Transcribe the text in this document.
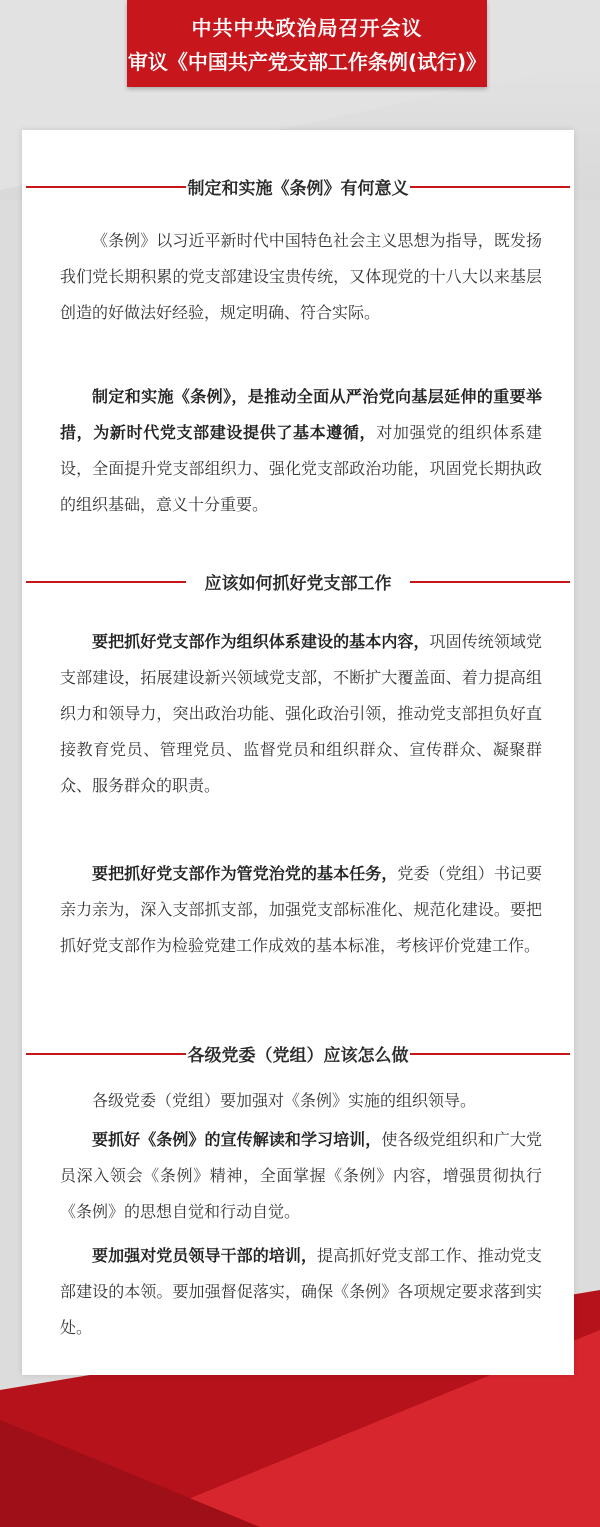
中共中央政治局召开会议
审议《中国共产党支部工作条例(试行)》
制定和实施《条例》有何意义

《条例》以习近平新时代中国特色社会主义思想为指导，既发扬我们党长期积累的党支部建设宝贵传统，又体现党的十八大以来基层创造的好做法好经验，规定明确、符合实际。

制定和实施《条例》，是推动全面从严治党向基层延伸的重要举措，为新时代党支部建设提供了基本遵循，对加强党的组织体系建设，全面提升党支部组织力、强化党支部政治功能，巩固党长期执政的组织基础，意义十分重要。

应该如何抓好党支部工作

要把抓好党支部作为组织体系建设的基本内容，巩固传统领域党支部建设，拓展建设新兴领域党支部，不断扩大覆盖面、着力提高组织力和领导力，突出政治功能、强化政治引领，推动党支部担负好直接教育党员、管理党员、监督党员和组织群众、宣传群众、凝聚群众、服务群众的职责。

要把抓好党支部作为管党治党的基本任务，党委（党组）书记要亲力亲为，深入支部抓支部，加强党支部标准化、规范化建设。要把抓好党支部作为检验党建工作成效的基本标准，考核评价党建工作。

各级党委（党组）应该怎么做

各级党委（党组）要加强对《条例》实施的组织领导。

要抓好《条例》的宣传解读和学习培训，使各级党组织和广大党员深入领会《条例》精神，全面掌握《条例》内容，增强贯彻执行《条例》的思想自觉和行动自觉。

要加强对党员领导干部的培训，提高抓好党支部工作、推动党支部建设的本领。要加强督促落实，确保《条例》各项规定要求落到实处。
